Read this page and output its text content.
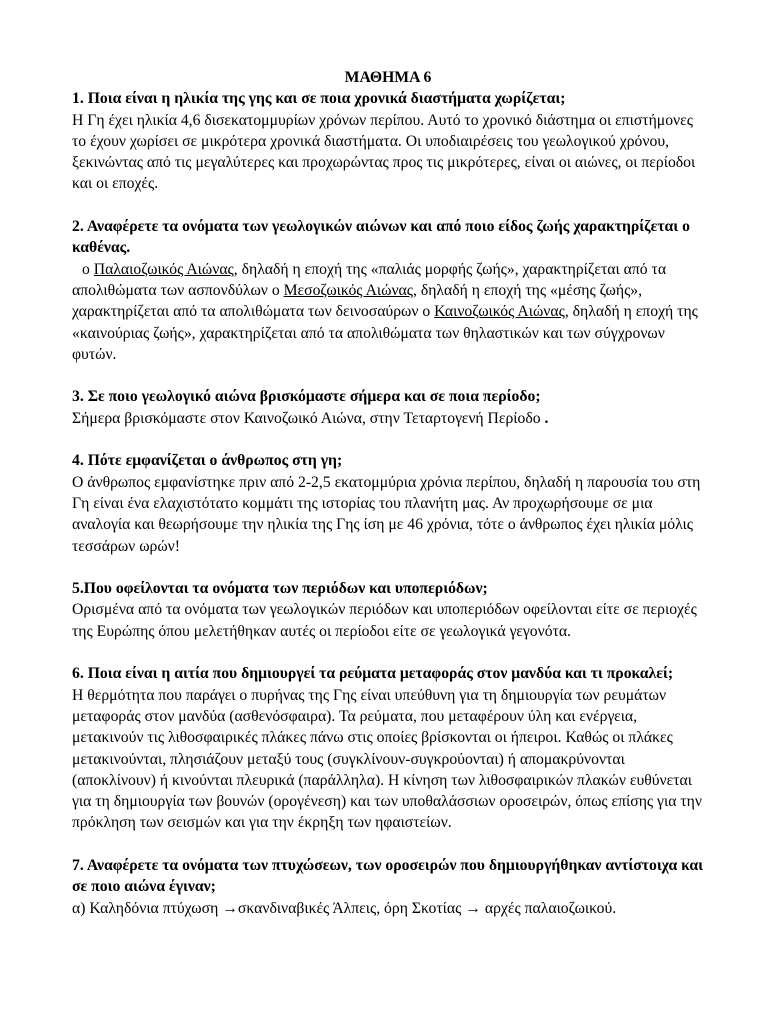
ΜΑΘΗΜΑ 6

1. Ποια είναι η ηλικία της γης και σε ποια χρονικά διαστήματα χωρίζεται;

Η Γη έχει ηλικία 4,6 δισεκατομμυρίων χρόνων περίπου. Αυτό το χρονικό διάστημα οι επιστήμονες το έχουν χωρίσει σε μικρότερα χρονικά διαστήματα. Οι υποδιαιρέσεις του γεωλογικού χρόνου, ξεκινώντας από τις μεγαλύτερες και προχωρώντας προς τις μικρότερες, είναι οι αιώνες, οι περίοδοι και οι εποχές.

2. Αναφέρετε τα ονόματα των γεωλογικών αιώνων και από ποιο είδος ζωής χαρακτηρίζεται ο καθένας.

ο Παλαιοζωικός Αιώνας, δηλαδή η εποχή της «παλιάς μορφής ζωής», χαρακτηρίζεται από τα απολιθώματα των ασπονδύλων ο Μεσοζωικός Αιώνας, δηλαδή η εποχή της «μέσης ζωής», χαρακτηρίζεται από τα απολιθώματα των δεινοσαύρων ο Καινοζωικός Αιώνας, δηλαδή η εποχή της «καινούριας ζωής», χαρακτηρίζεται από τα απολιθώματα των θηλαστικών και των σύγχρονων φυτών.

3. Σε ποιο γεωλογικό αιώνα βρισκόμαστε σήμερα και σε ποια περίοδο;

Σήμερα βρισκόμαστε στον Καινοζωικό Αιώνα, στην Τεταρτογενή Περίοδο .

4. Πότε εμφανίζεται ο άνθρωπος στη γη;

Ο άνθρωπος εμφανίστηκε πριν από 2-2,5 εκατομμύρια χρόνια περίπου, δηλαδή η παρουσία του στη Γη είναι ένα ελαχιστότατο κομμάτι της ιστορίας του πλανήτη μας. Αν προχωρήσουμε σε μια αναλογία και θεωρήσουμε την ηλικία της Γης ίση με 46 χρόνια, τότε ο άνθρωπος έχει ηλικία μόλις τεσσάρων ωρών!

5.Που οφείλονται τα ονόματα των περιόδων και υποπεριόδων;

Ορισμένα από τα ονόματα των γεωλογικών περιόδων και υποπεριόδων οφείλονται είτε σε περιοχές της Ευρώπης όπου μελετήθηκαν αυτές οι περίοδοι είτε σε γεωλογικά γεγονότα.

6. Ποια είναι η αιτία που δημιουργεί τα ρεύματα μεταφοράς στον μανδύα και τι προκαλεί;

Η θερμότητα που παράγει ο πυρήνας της Γης είναι υπεύθυνη για τη δημιουργία των ρευμάτων μεταφοράς στον μανδύα (ασθενόσφαιρα). Τα ρεύματα, που μεταφέρουν ύλη και ενέργεια, μετακινούν τις λιθοσφαιρικές πλάκες πάνω στις οποίες βρίσκονται οι ήπειροι. Καθώς οι πλάκες μετακινούνται, πλησιάζουν μεταξύ τους (συγκλίνουν-συγκρούονται) ή απομακρύνονται (αποκλίνουν) ή κινούνται πλευρικά (παράλληλα). Η κίνηση των λιθοσφαιρικών πλακών ευθύνεται για τη δημιουργία των βουνών (ορογένεση) και των υποθαλάσσιων οροσειρών, όπως επίσης για την πρόκληση των σεισμών και για την έκρηξη των ηφαιστείων.

7. Αναφέρετε τα ονόματα των πτυχώσεων, των οροσειρών που δημιουργήθηκαν αντίστοιχα και σε ποιο αιώνα έγιναν;

α) Καληδόνια πτύχωση →σκανδιναβικές Άλπεις, όρη Σκοτίας → αρχές παλαιοζωικού.
